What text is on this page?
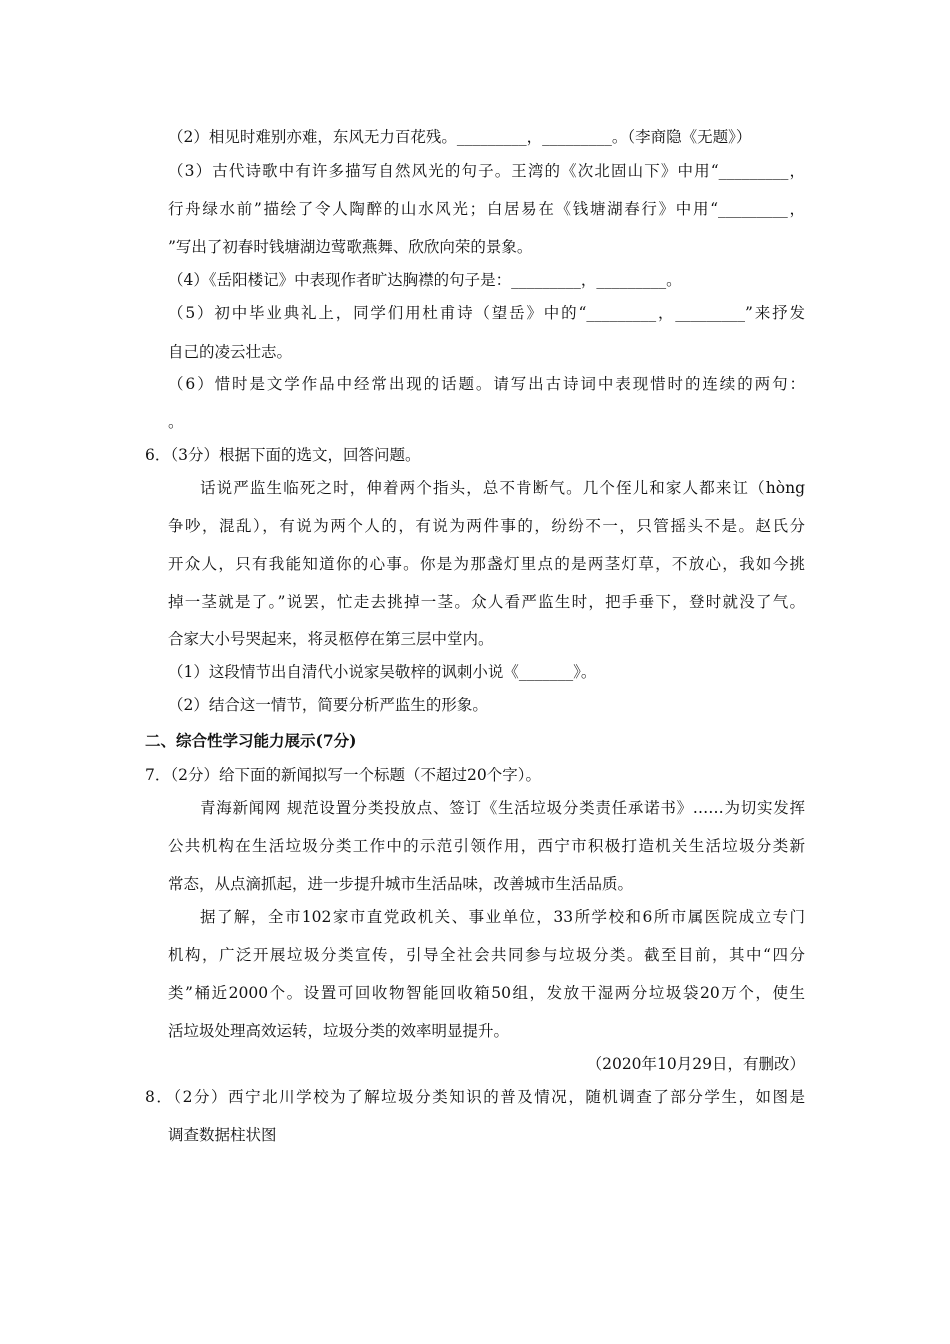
（2）相见时难别亦难，东风无力百花残。_________，_________。（李商隐《无题》）
（3）古代诗歌中有许多描写自然风光的句子。王湾的《次北固山下》中用“_________，
行舟绿水前”描绘了令人陶醉的山水风光；白居易在《钱塘湖春行》中用“_________，
”写出了初春时钱塘湖边莺歌燕舞、欣欣向荣的景象。
（4）《岳阳楼记》中表现作者旷达胸襟的句子是：_________，_________。
（5）初中毕业典礼上，同学们用杜甫诗（望岳》中的“_________，_________”来抒发
自己的凌云壮志。
（6）惜时是文学作品中经常出现的话题。请写出古诗词中表现惜时的连续的两句：
。
6．（3分）根据下面的选文，回答问题。
话说严监生临死之时，伸着两个指头，总不肯断气。几个侄儿和家人都来讧（hòng
争吵，混乱），有说为两个人的，有说为两件事的，纷纷不一，只管摇头不是。赵氏分
开众人，只有我能知道你的心事。你是为那盏灯里点的是两茎灯草，不放心，我如今挑
掉一茎就是了。”说罢，忙走去挑掉一茎。众人看严监生时，把手垂下，登时就没了气。
合家大小号哭起来，将灵柩停在第三层中堂内。
（1）这段情节出自清代小说家吴敬梓的讽刺小说《_______》。
（2）结合这一情节，简要分析严监生的形象。
二、综合性学习能力展示(7分)
7．（2分）给下面的新闻拟写一个标题（不超过20个字）。
青海新闻网 规范设置分类投放点、签订《生活垃圾分类责任承诺书》……为切实发挥
公共机构在生活垃圾分类工作中的示范引领作用，西宁市积极打造机关生活垃圾分类新
常态，从点滴抓起，进一步提升城市生活品味，改善城市生活品质。
据了解，全市102家市直党政机关、事业单位，33所学校和6所市属医院成立专门
机构，广泛开展垃圾分类宣传，引导全社会共同参与垃圾分类。截至目前，其中“四分
类”桶近2000个。设置可回收物智能回收箱50组，发放干湿两分垃圾袋20万个，使生
活垃圾处理高效运转，垃圾分类的效率明显提升。
（2020年10月29日，有删改）
8．（2分）西宁北川学校为了解垃圾分类知识的普及情况，随机调查了部分学生，如图是
调查数据柱状图
